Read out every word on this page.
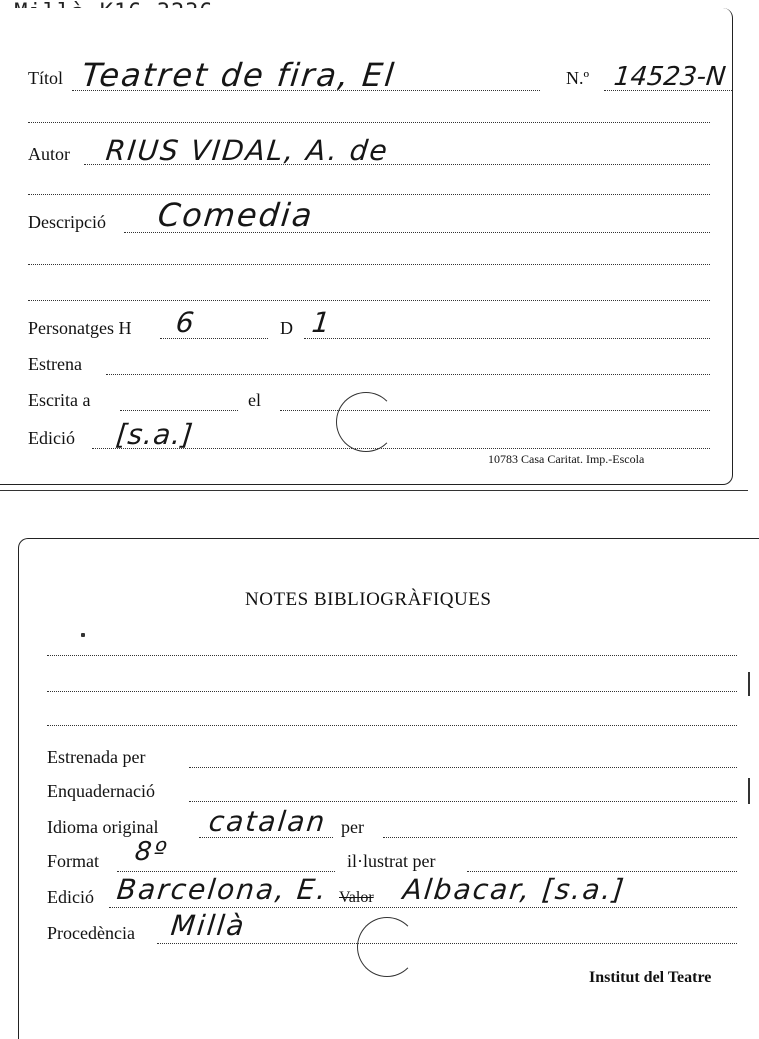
Títol Teatret de fira, El	N.º 14523-N
Autor RIUS VIDAL, A. de
Descripció Comedia
Personatges H 6	D 1
Estrena
Escrita a	el
Edició [s.a.]
10783 Casa Caritat. Imp.-Escola
NOTES BIBLIOGRÀFIQUES
Estrenada per
Enquadernació
Idioma original catalan per
Format 8º	il·lustrat per
Edició Barcelona, E. Valor Albacar, [s.a.]
Procedència Millà
Institut del Teatre
